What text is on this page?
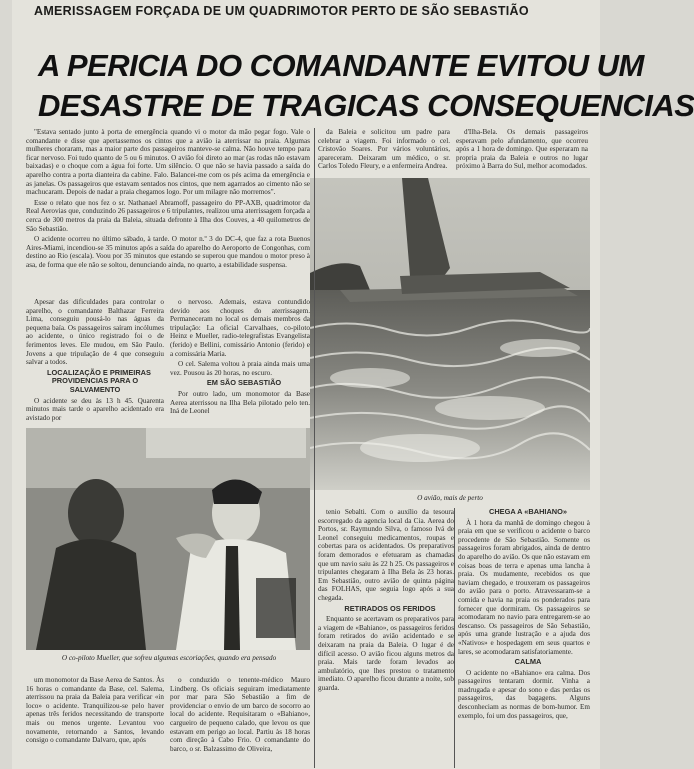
AMERISSAGEM FORÇADA DE UM QUADRIMOTOR PERTO DE SÃO SEBASTIÃO
A PERICIA DO COMANDANTE EVITOU UM
DESASTRE DE TRAGICAS CONSEQUENCIAS

"Estava sentado junto à porta de emergência quando vi o motor da mão pegar fogo. Vale o comandante e disse que apertassemos os cintos que a avião ia aterrissar na praia. Algumas mulheres choraram, mas a maior parte dos passageiros manteve-se calma. Não houve tempo para ficar nervoso. Foi tudo quanto de 5 ou 6 minutos. O avião foi direto ao mar (as rodas não estavam baixadas) e o choque com a água foi forte. Um silêncio. O que não se havia passado a saída do aparelho contra a porta dianteira da cabine. Falo. Balancei-me com os pés acima da emergência e as janelas. Os passageiros que estavam sentados nos cintos, que nem agarrados ao cimento não se machucaram. Depois de nadar a praia chegamos logo. Por um milagre não morremos".

Esse o relato que nos fez o sr. Nathanael Abramoff, passageiro do PP-AXB, quadrimotor da Real Aerovias que, conduzindo 26 passageiros e 6 tripulantes, realizou uma aterrissagem forçada a cerca de 300 metros da praia da Baleia, situada defronte à Ilha dos Couves, a 40 quilometros de São Sebastião.

O acidente ocorreu no último sábado, à tarde. O motor n.º 3 do DC-4, que faz a rota Buenos Aires-Miami, incendiou-se 35 minutos após a saída do aparelho do Aeroporto de Congonhas, com destino ao Rio (escala). Voou por 35 minutos que estando se superou que mandou o motor preso à asa, de forma que ele não se soltou, denunciando ainda, no quarto, a estabilidade suspensa.

Apesar das dificuldades para controlar o aparelho, o comandante Balthazar Ferreira Lima, conseguiu pousá-lo nas águas da pequena baía. Os passageiros saíram incólumes ao acidente, o único registrado foi o de ferimentos leves. Ele mudou, em São Paulo. Jovens a que tripulação de 4 que conseguiu salvar a todos.

LOCALIZAÇÃO E PRIMEIRAS PROVIDENCIAS PARA O SALVAMENTO

O acidente se deu às 13 h 45. Quarenta minutos mais tarde o aparelho acidentado era avistado por

o nervoso. Ademais, estava contundido devido aos choques do aterrissagem. Permaneceram no local os demais membros da tripulação: La oficial Carvalhaes, co-piloto Heinz e Mueller, radio-telegrafistas Evangelista (ferido) e Bellini, comissário Antonio (ferido) e a comissária Maria.

O cel. Salema voltou à praia ainda mais uma vez. Pousou às 20 horas, no escuro.

EM SÃO SEBASTIÃO

Por outro lado, um monomotor da Base Aerea aterrissou na Ilha Bela pilotado pelo ten. Iná de Leonel

da Baleia e solicitou um padre para celebrar a viagem. Foi informado o cel. Cristovão Soares. Por vários voluntários, apareceram. Deixaram um médico, o sr. Carlos Toledo Fleury, e a enfermeira Andrea.

d'Ilha-Bela. Os demais passageiros esperavam pelo afundamento, que ocorreu após a 1 hora de domingo. Que esperaram na propria praia da Baleia e outros no lugar próximo à Barra do Sul, melhor acomodados.

O avião, mais de perto
O co-piloto Mueller, que sofreu algumas escoriações, quando era pensado

um monomotor da Base Aerea de Santos. Às 16 horas o comandante da Base, cel. Salema, aterrissou na praia da Baleia para verificar «in loco» o acidente. Tranquilizou-se pelo haver apenas três feridos necessitando de transporte mais ou menos urgente. Levantou voo novamente, retornando a Santos, levando consigo o comandante Dalvaro, que, após

o conduzido o tenente-médico Mauro Lindberg. Os oficiais seguiram imediatamente por mar para São Sebastião a fim de providenciar o envio de um barco de socorro ao local do acidente. Requisitaram o «Bahiano», cargueiro de pequeno calado, que levou os que estavam em perigo ao local. Partiu às 18 horas com direção à Cabo Frio. O comandante do barco, o sr. Balzassimo de Oliveira,

tenio Sebalti. Com o auxílio da tesoura escorregado da agencia local da Cia. Aerea do Portos, sr. Raymundo Silva, o famoso Ivá de Leonel conseguiu medicamentos, roupas e cobertas para os acidentados. Os preparativos foram demorados e efetuaram as chamadas que um navio saiu às 22 h 25. Os passageiros e tripulantes chegaram à Ilha Bela às 23 horas. Em Sebastião, outro avião de quinta página das FOLHAS, que seguia logo após a sua chegada.

RETIRADOS OS FERIDOS

Enquanto se acertavam os preparativos para a viagem de «Bahiano», os passageiros feridos foram retirados do avião acidentado e se deixaram na praia da Baleia. O lugar é de difícil acesso. O avião ficou alguns metros da praia. Mais tarde foram levados ao ambulatório, que lhes prestou o tratamento imediato. O aparelho ficou durante a noite, sob guarda.

CHEGA A «BAHIANO»

À 1 hora da manhã de domingo chegou à praia em que se verificou o acidente o barco procedente de São Sebastião. Somente os passageiros foram abrigados, ainda de dentro do aparelho do avião. Os que não estavam em coisas boas de terra e apenas uma lancha à praia. Os mudamente, recebidos os que haviam chegado, e trouxeram os passageiros do avião para o porto. Atravessaram-se a comida e havia na praia os ponderados para fornecer que dormiram. Os passageiros se acomodaram no navio para entregarem-se ao descanso. Os passageiros de São Sebastião, após uma grande lustração e a ajuda dos «Nativos» e hospedagem em seus quartos e lares, se acomodaram satisfatoriamente.

CALMA

O acidente no «Bahiano» era calma. Dos passageiros tentaram dormir. Vinha a madrugada e apesar do sono e das perdas os passageiros, das bagagens. Alguns desconheciam as normas de bom-humor. Em exemplo, foi um dos passageiros, que,
